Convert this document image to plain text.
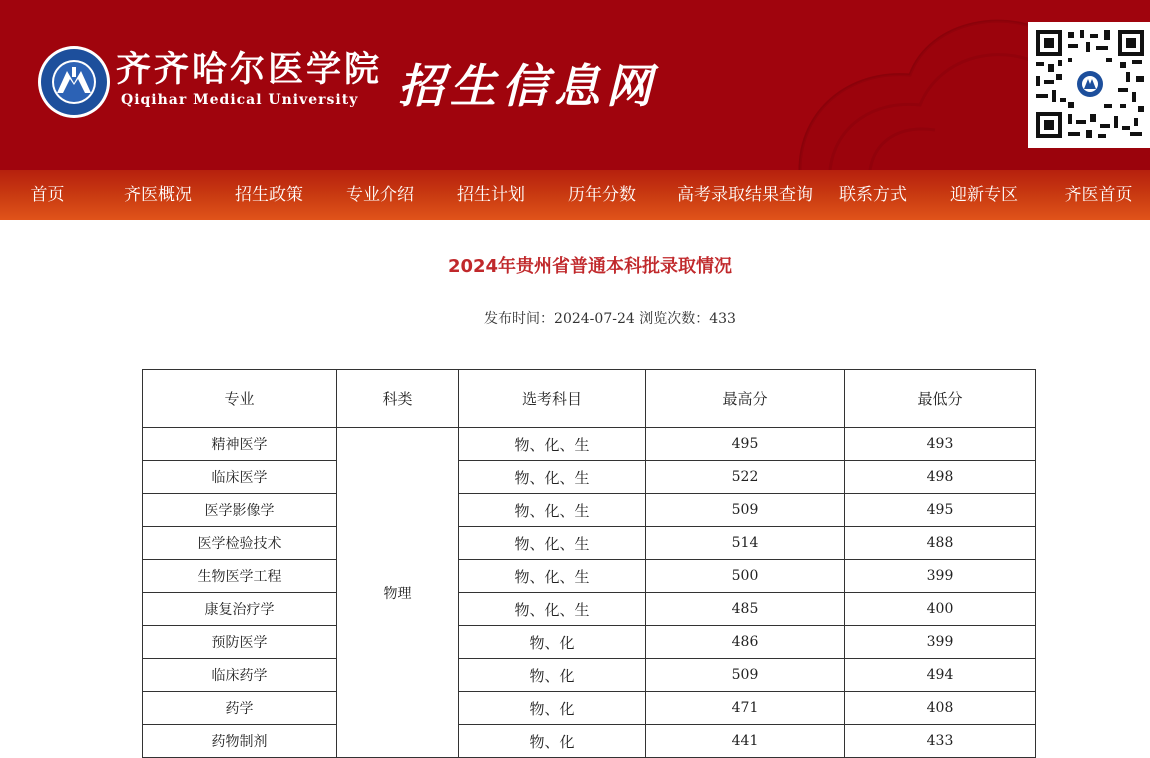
齐齐哈尔医学院
Qiqihar Medical University 招生信息网
首页	齐医概况	招生政策	专业介绍	招生计划	历年分数	高考录取结果查询	联系方式	迎新专区	齐医首页
2024年贵州省普通本科批录取情况
发布时间：2024-07-24 浏览次数：433
专业	科类	选考科目	最高分	最低分
精神医学	物理	物、化、生	495	493
临床医学		物、化、生	522	498
医学影像学		物、化、生	509	495
医学检验技术		物、化、生	514	488
生物医学工程		物、化、生	500	399
康复治疗学		物、化、生	485	400
预防医学		物、化	486	399
临床药学		物、化	509	494
药学		物、化	471	408
药物制剂		物、化	441	433
